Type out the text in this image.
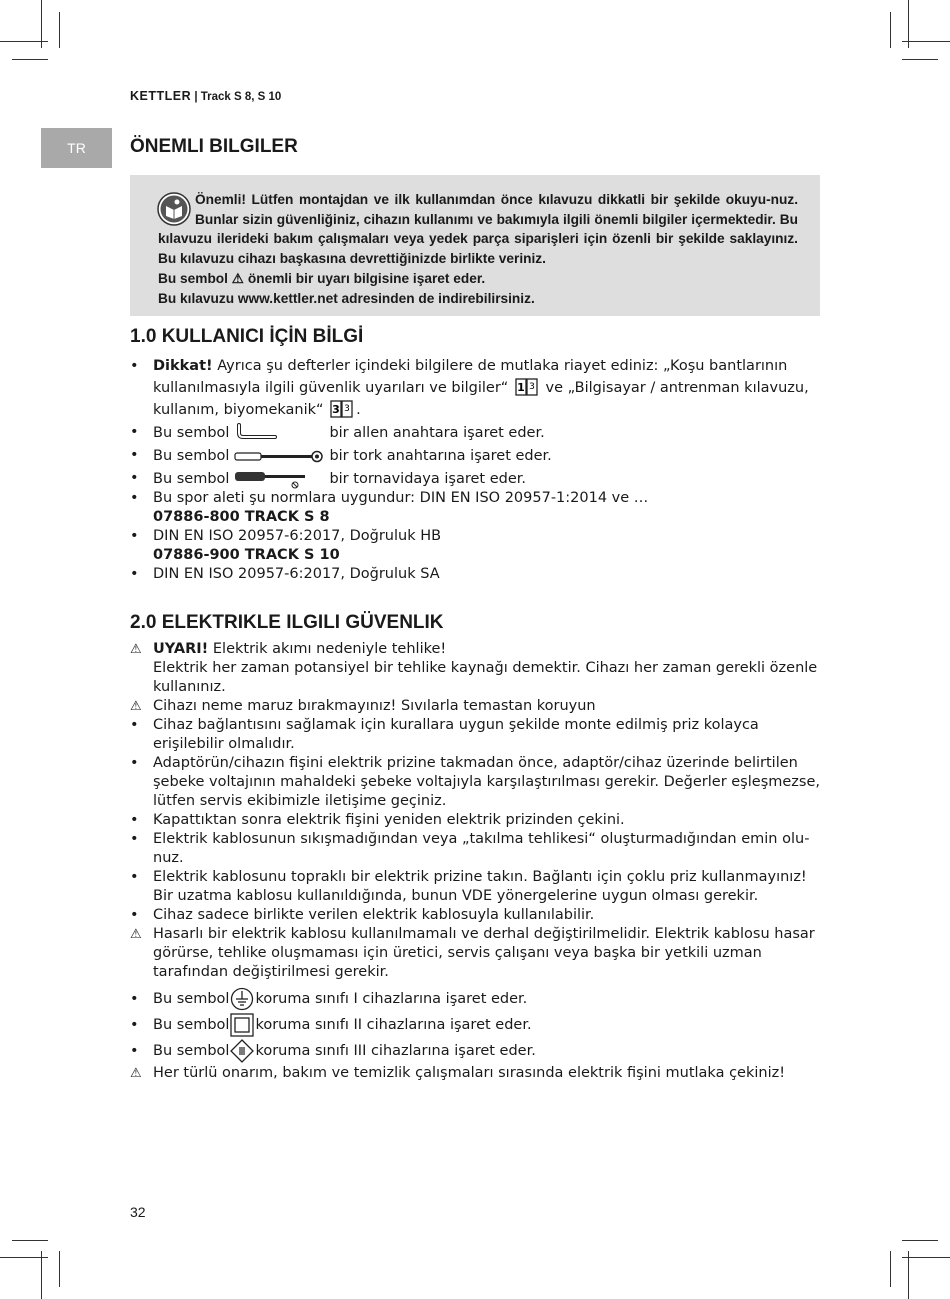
KETTLER | Track S 8, S 10
TR	ÖNEMLI BILGILER

Önemli! Lütfen montajdan ve ilk kullanımdan önce kılavuzu dikkatli bir şekilde okuyu-nuz. Bunlar sizin güvenliğiniz, cihazın kullanımı ve bakımıyla ilgili önemli bilgiler içermektedir. Bu kılavuzu ilerideki bakım çalışmaları veya yedek parça siparişleri için özenli bir şekilde saklayınız. Bu kılavuzu cihazı başkasına devrettiğinizde birlikte veriniz.

Bu sembol ⚠ önemli bir uyarı bilgisine işaret eder.

Bu kılavuzu www.kettler.net adresinden de indirebilirsiniz.

1.0 KULLANICI İÇİN BİLGİ
• Dikkat! Ayrıca şu defterler içindeki bilgilere de mutlaka riayet ediniz: „Koşu bantlarının kullanılmasıyla ilgili güvenlik uyarıları ve bilgiler“ 1 3 ve „Bilgisayar / antrenman kılavuzu, kullanım, biyomekanik“ 3 3 .
• Bu sembol	bir allen anahtara işaret eder.
• Bu sembol	bir tork anahtarına işaret eder.
• Bu sembol	bir tornavidaya işaret eder.
• Bu spor aleti şu normlara uygundur: DIN EN ISO 20957-1:2014 ve …
07886-800 TRACK S 8
• DIN EN ISO 20957-6:2017, Doğruluk HB
07886-900 TRACK S 10
• DIN EN ISO 20957-6:2017, Doğruluk SA
2.0 ELEKTRIKLE ILGILI GÜVENLIK
⚠ UYARI! Elektrik akımı nedeniyle tehlike!
Elektrik her zaman potansiyel bir tehlike kaynağı demektir. Cihazı her zaman gerekli özenle kullanınız.
⚠ Cihazı neme maruz bırakmayınız! Sıvılarla temastan koruyun
• Cihaz bağlantısını sağlamak için kurallara uygun şekilde monte edilmiş priz kolayca erişilebilir olmalıdır.
• Adaptörün/cihazın fişini elektrik prizine takmadan önce, adaptör/cihaz üzerinde belirtilen şebeke voltajının mahaldeki şebeke voltajıyla karşılaştırılması gerekir. Değerler eşleşmezse, lütfen servis ekibimizle iletişime geçiniz.
• Kapattıktan sonra elektrik fişini yeniden elektrik prizinden çekini.
• Elektrik kablosunun sıkışmadığından veya „takılma tehlikesi“ oluşturmadığından emin olu-nuz.
• Elektrik kablosunu topraklı bir elektrik prizine takın. Bağlantı için çoklu priz kullanmayınız! Bir uzatma kablosu kullanıldığında, bunun VDE yönergelerine uygun olması gerekir.
• Cihaz sadece birlikte verilen elektrik kablosuyla kullanılabilir.
⚠ Hasarlı bir elektrik kablosu kullanılmamalı ve derhal değiştirilmelidir. Elektrik kablosu hasar görürse, tehlike oluşmaması için üretici, servis çalışanı veya başka bir yetkili uzman tarafından değiştirilmesi gerekir.
• Bu sembol koruma sınıfı I cihazlarına işaret eder.
• Bu sembol koruma sınıfı II cihazlarına işaret eder.
• Bu sembol koruma sınıfı III cihazlarına işaret eder.
⚠ Her türlü onarım, bakım ve temizlik çalışmaları sırasında elektrik fişini mutlaka çekiniz!
32
